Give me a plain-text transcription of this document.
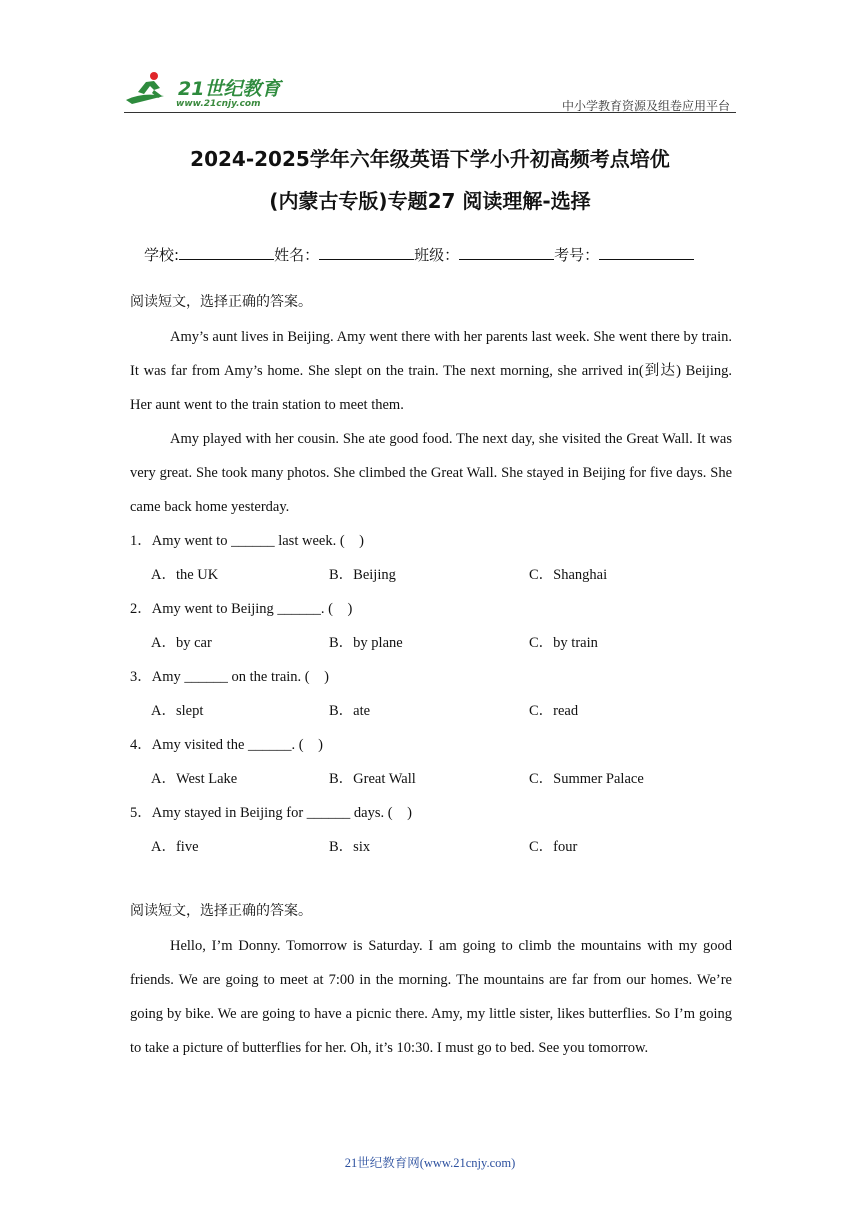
21世纪教育
www.21cnjy.com	中小学教育资源及组卷应用平台
2024-2025学年六年级英语下学小升初高频考点培优
(内蒙古专版)专题27 阅读理解-选择
学校:	姓名：	班级：	考号：
阅读短文，选择正确的答案。

Amy’s aunt lives in Beijing. Amy went there with her parents last week. She went there by train. It was far from Amy’s home. She slept on the train. The next morning, she arrived in(到达) Beijing. Her aunt went to the train station to meet them.

Amy played with her cousin. She ate good food. The next day, she visited the Great Wall. It was very great. She took many photos. She climbed the Great Wall. She stayed in Beijing for five days. She came back home yesterday.

1．Amy went to ______ last week. (　)
A．the UK	B．Beijing	C．Shanghai
2．Amy went to Beijing ______. (　)
A．by car	B．by plane	C．by train
3．Amy ______ on the train. (　)
A．slept	B．ate	C．read
4．Amy visited the ______. (　)
A．West Lake	B．Great Wall	C．Summer Palace
5．Amy stayed in Beijing for ______ days. (　)
A．five	B．six	C．four
阅读短文，选择正确的答案。

Hello, I’m Donny. Tomorrow is Saturday. I am going to climb the mountains with my good friends. We are going to meet at 7:00 in the morning. The mountains are far from our homes. We’re going by bike. We are going to have a picnic there. Amy, my little sister, likes butterflies. So I’m going to take a picture of butterflies for her. Oh, it’s 10:30. I must go to bed. See you tomorrow.

21世纪教育网(www.21cnjy.com)
